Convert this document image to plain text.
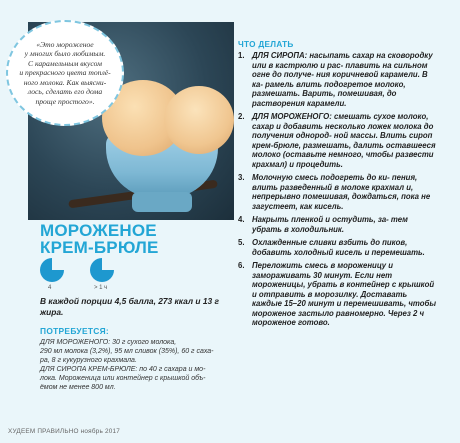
«Это мороженое
у многих было любимым.
С карамельным вкусом
и прекрасного цвета топлё-
ного молока. Как выясни-
лось, сделать его дома
проще простого».
МОРОЖЕНОЕ
КРЕМ-БРЮЛЕ
4	> 1 ч
В каждой порции 4,5 балла, 273 ккал и 13 г жира.
ПОТРЕБУЕТСЯ:

ДЛЯ МОРОЖЕНОГО: 30 г сухого молока,

290 мл молока (3,2%), 95 мл сливок (35%), 60 г саха-

ра, 8 г кукурузного крахмала.

ДЛЯ СИРОПА КРЕМ-БРЮЛЕ: по 40 г сахара и мо-

лока. Мороженица или контейнер с крышкой объ-

ёмом не менее 800 мл.

ЧТО ДЕЛАТЬ
1. ДЛЯ СИРОПА: насыпать сахар на сковородку или в кастрюлю и рас- плавить на сильном огне до получе- ния коричневой карамели. В ка- рамель влить подогретое молоко, размешать. Варить, помешивая, до растворения карамели.
2. ДЛЯ МОРОЖЕНОГО: смешать сухое молоко, сахар и добавить несколько ложек молока до получения однород- ной массы. Влить сироп крем-брюле, размешать, далить оставшееся молоко (оставьте немного, чтобы развести крахмал) и процедить.
3. Молочную смесь подогреть до ки- пения, влить разведенный в молоке крахмал и, непрерывно помешивая, дождаться, пока не загустеет, как кисель.
4. Накрыть пленкой и остудить, за- тем убрать в холодильник.
5. Охлажденные сливки взбить до пиков, добавить холодный кисель и перемешать.
6. Переложить смесь в мороженицу и замораживать 30 минут. Если нет мороженицы, убрать в контейнер с крышкой и отправить в морозилку. Доставать каждые 15–20 минут и перемешивать, чтобы мороженое застыло равномерно. Через 2 ч мороженое готово.
ХУДЕЕМ ПРАВИЛЬНО ноябрь 2017
